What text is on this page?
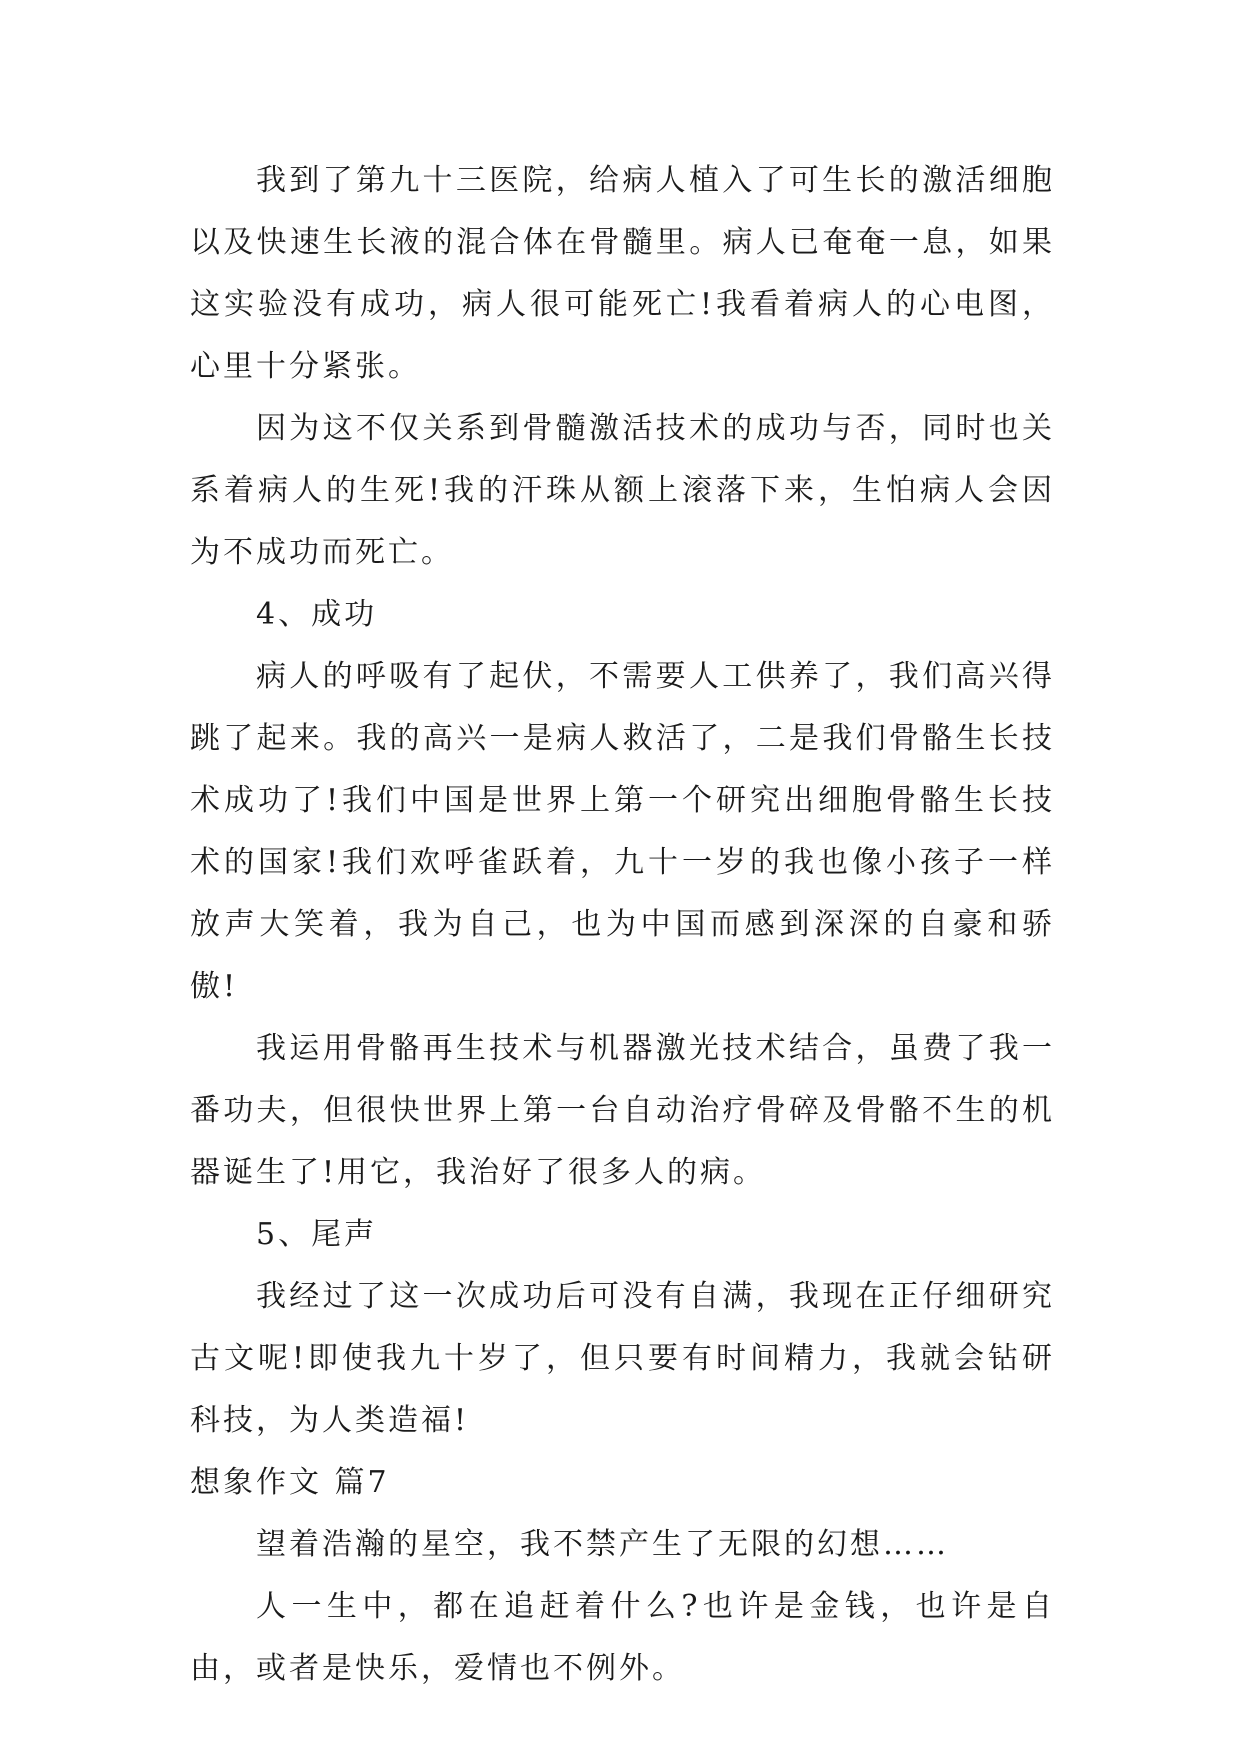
我到了第九十三医院，给病人植入了可生长的激活细胞以及快速生长液的混合体在骨髓里。病人已奄奄一息，如果这实验没有成功，病人很可能死亡!我看着病人的心电图，心里十分紧张。

因为这不仅关系到骨髓激活技术的成功与否，同时也关系着病人的生死!我的汗珠从额上滚落下来，生怕病人会因为不成功而死亡。

4、成功

病人的呼吸有了起伏，不需要人工供养了，我们高兴得跳了起来。我的高兴一是病人救活了，二是我们骨骼生长技术成功了!我们中国是世界上第一个研究出细胞骨骼生长技术的国家!我们欢呼雀跃着，九十一岁的我也像小孩子一样放声大笑着，我为自己，也为中国而感到深深的自豪和骄傲!

我运用骨骼再生技术与机器激光技术结合，虽费了我一番功夫，但很快世界上第一台自动治疗骨碎及骨骼不生的机器诞生了!用它，我治好了很多人的病。

5、尾声

我经过了这一次成功后可没有自满，我现在正仔细研究古文呢!即使我九十岁了，但只要有时间精力，我就会钻研科技，为人类造福!

想象作文 篇7

望着浩瀚的星空，我不禁产生了无限的幻想……

人一生中，都在追赶着什么?也许是金钱，也许是自由，或者是快乐，爱情也不例外。
